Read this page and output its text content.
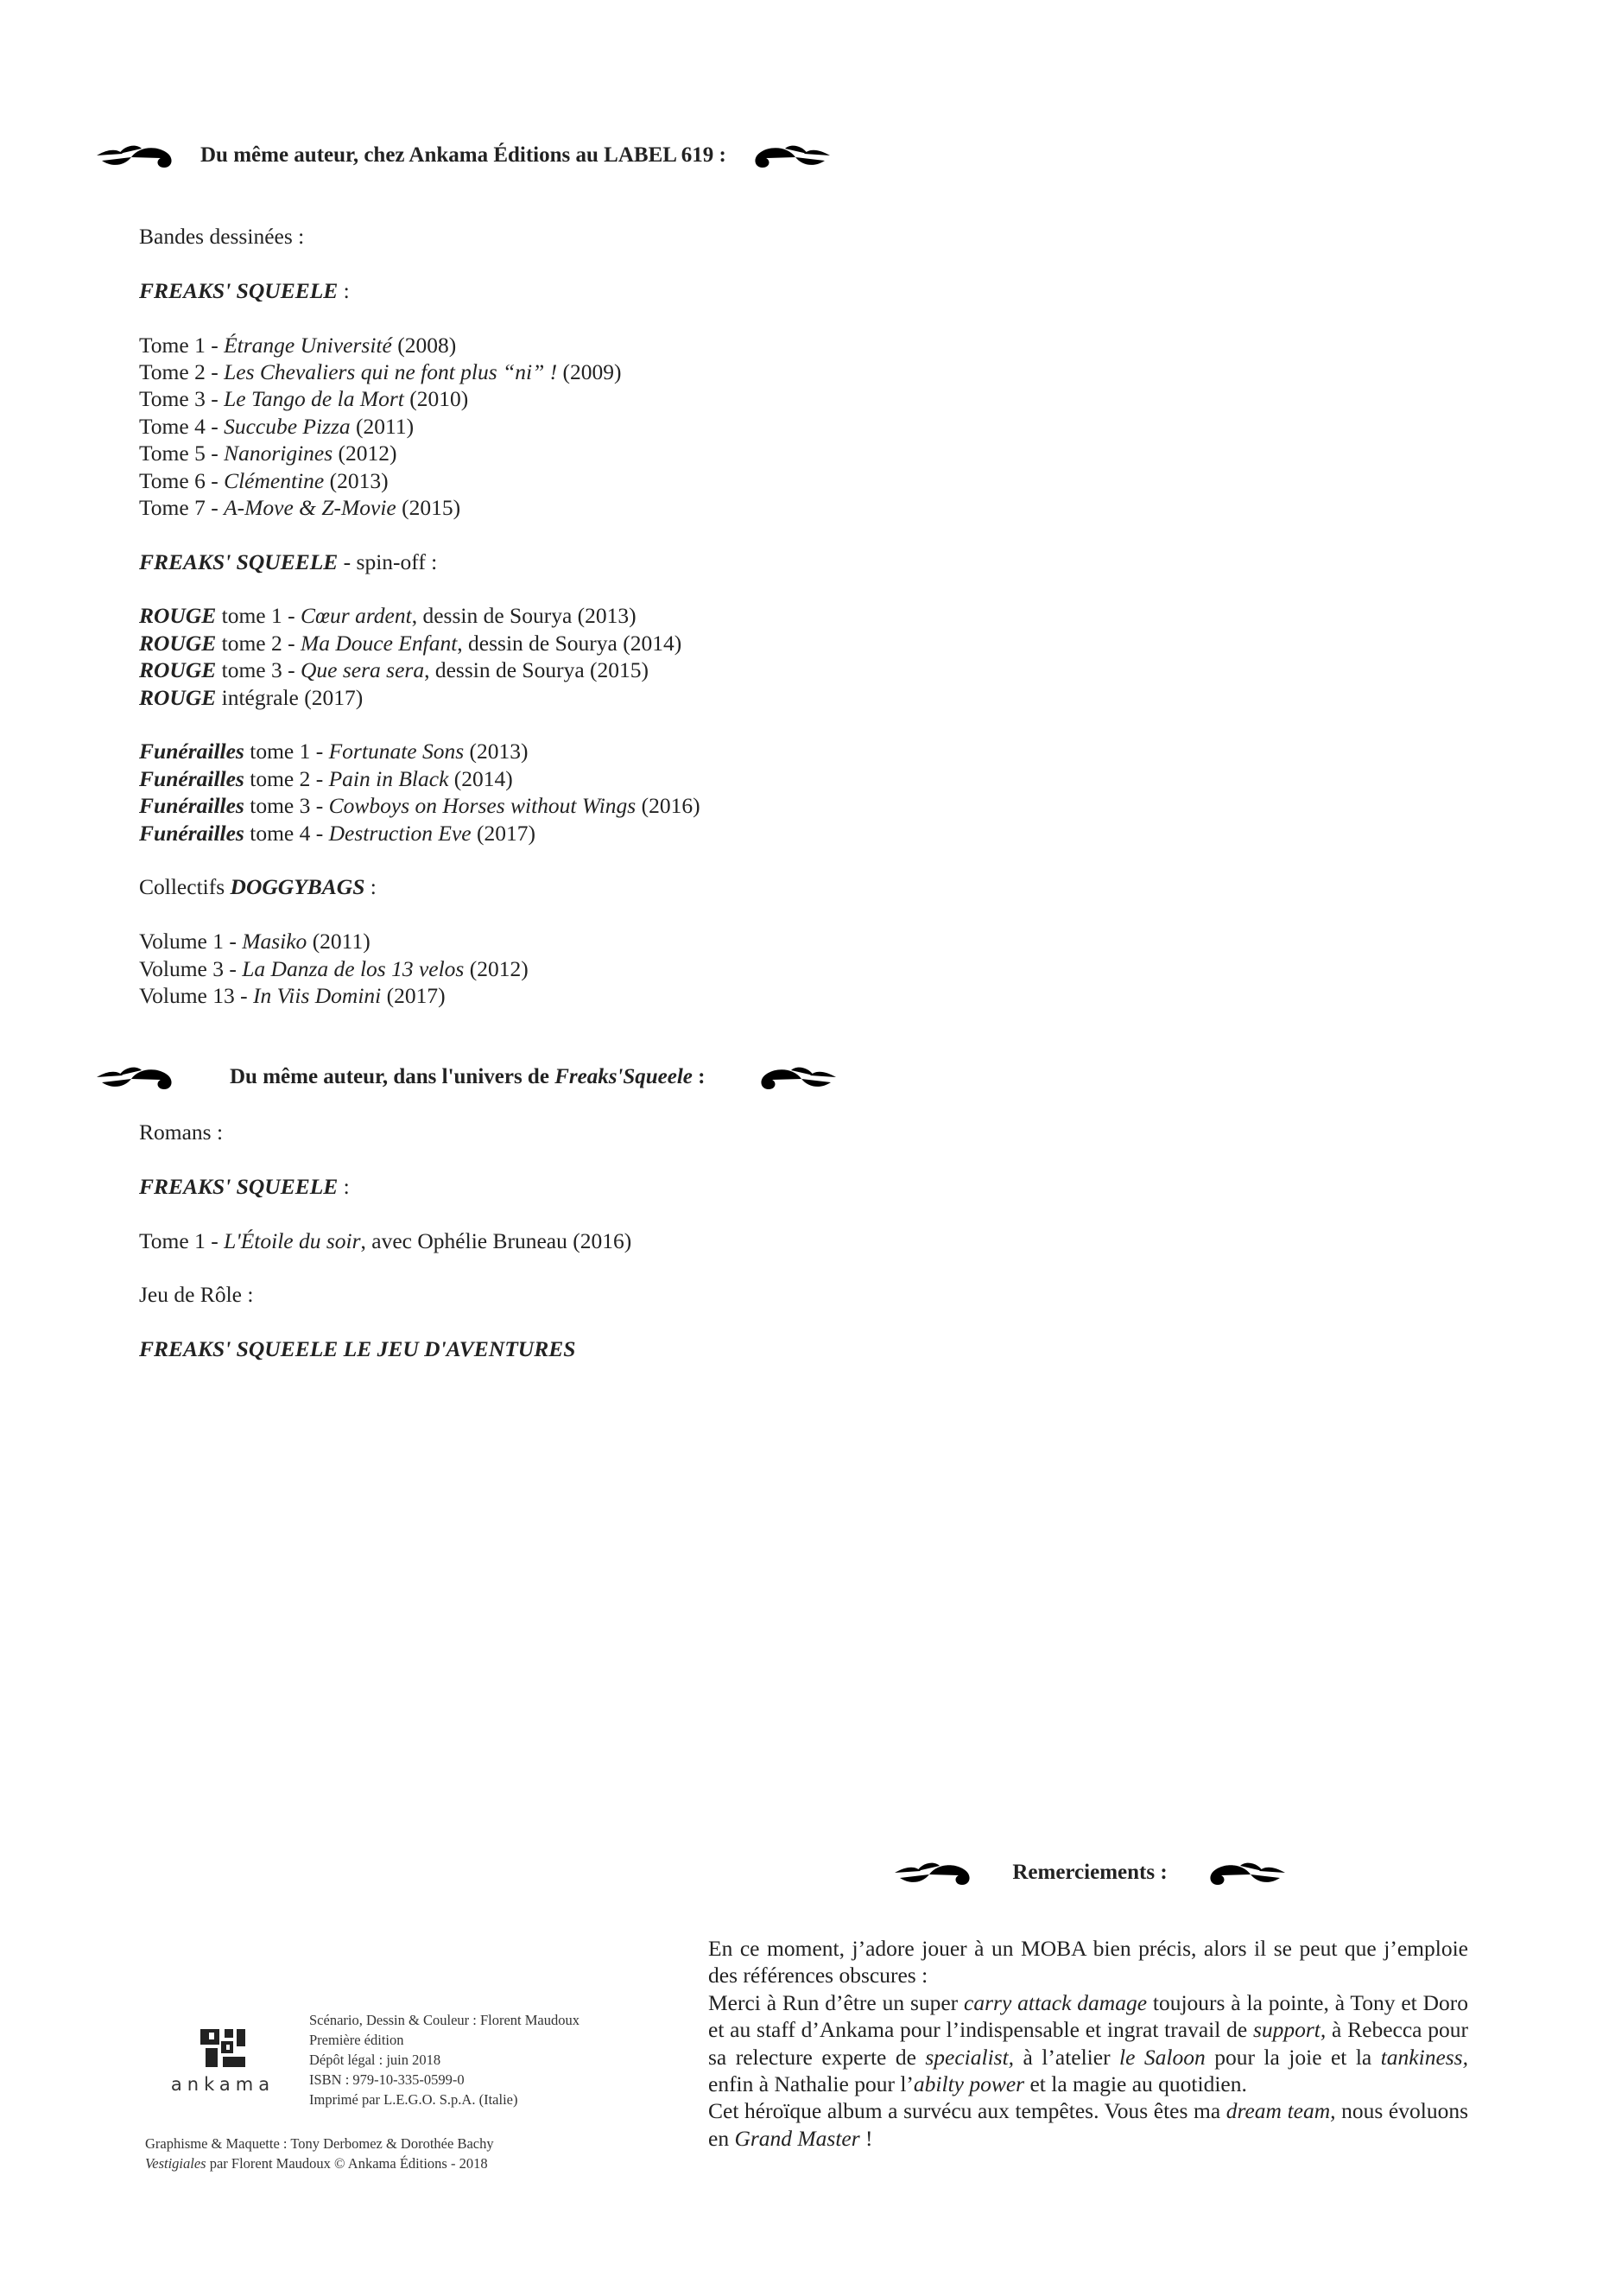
Du même auteur, chez Ankama Éditions au LABEL 619 :
Bandes dessinées :
FREAKS' SQUEELE :
Tome 1 - Étrange Université (2008)
Tome 2 - Les Chevaliers qui ne font plus “ni” ! (2009)
Tome 3 - Le Tango de la Mort (2010)
Tome 4 - Succube Pizza (2011)
Tome 5 - Nanorigines (2012)
Tome 6 - Clémentine (2013)
Tome 7 - A-Move & Z-Movie (2015)
FREAKS' SQUEELE - spin-off :
ROUGE tome 1 - Cœur ardent, dessin de Sourya (2013)
ROUGE tome 2 - Ma Douce Enfant, dessin de Sourya (2014)
ROUGE tome 3 - Que sera sera, dessin de Sourya (2015)
ROUGE intégrale (2017)
Funérailles tome 1 - Fortunate Sons (2013)
Funérailles tome 2 - Pain in Black (2014)
Funérailles tome 3 - Cowboys on Horses without Wings (2016)
Funérailles tome 4 - Destruction Eve (2017)
Collectifs DOGGYBAGS :
Volume 1 - Masiko (2011)
Volume 3 - La Danza de los 13 velos (2012)
Volume 13 - In Viis Domini (2017)
Du même auteur, dans l'univers de Freaks'Squeele :
Romans :
FREAKS' SQUEELE :
Tome 1 - L'Étoile du soir, avec Ophélie Bruneau (2016)
Jeu de Rôle :
FREAKS' SQUEELE LE JEU D'AVENTURES
Remerciements :

En ce moment, j’adore jouer à un MOBA bien précis, alors il se peut que j’emploie des références obscures :

Merci à Run d’être un super carry attack damage toujours à la pointe, à Tony et Doro et au staff d’Ankama pour l’indispensable et ingrat travail de support, à Rebecca pour sa relecture experte de specialist, à l’atelier le Saloon pour la joie et la tankiness, enfin à Nathalie pour l’abilty power et la magie au quotidien.

Cet héroïque album a survécu aux tempêtes. Vous êtes ma dream team, nous évoluons en Grand Master !

ankama
Scénario, Dessin & Couleur : Florent Maudoux
Première édition
Dépôt légal : juin 2018
ISBN : 979-10-335-0599-0
Imprimé par L.E.G.O. S.p.A. (Italie)
Graphisme & Maquette : Tony Derbomez & Dorothée Bachy
Vestigiales par Florent Maudoux © Ankama Éditions - 2018
